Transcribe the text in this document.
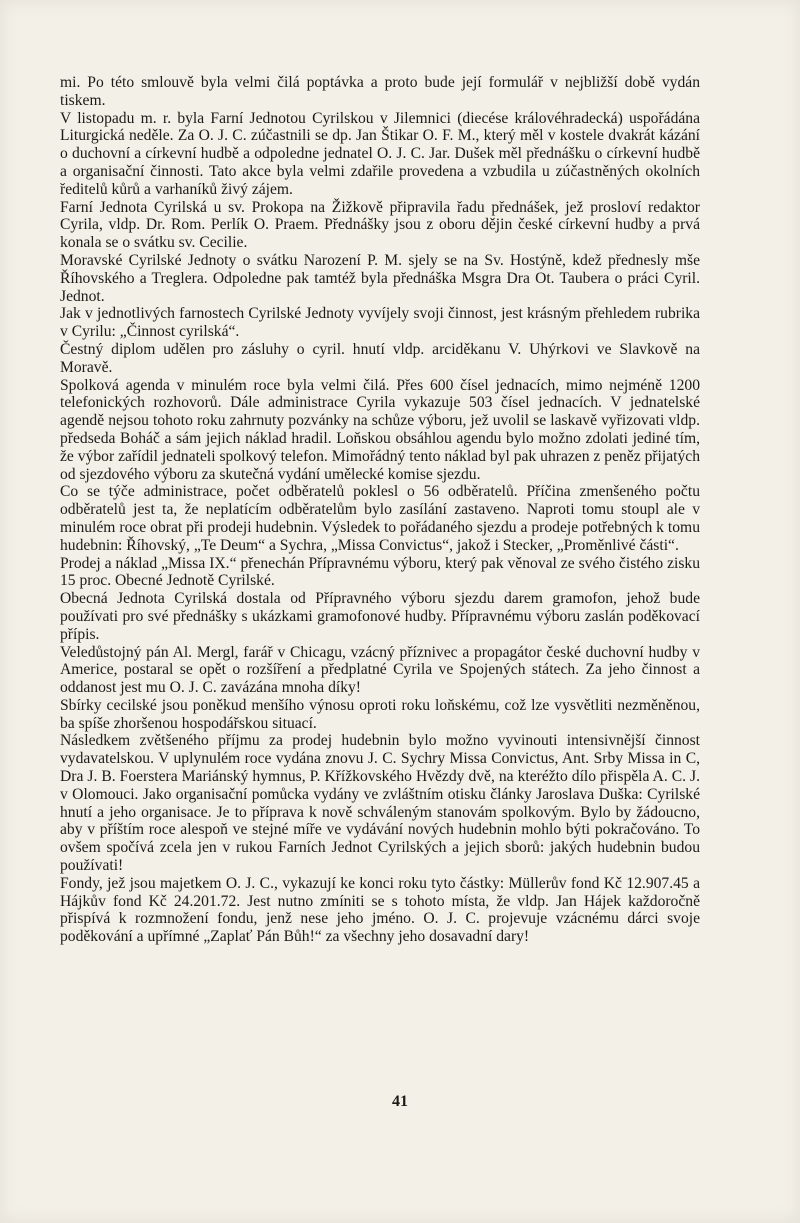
mi. Po této smlouvě byla velmi čilá poptávka a proto bude její formulář v nejbližší době vydán tiskem.

V listopadu m. r. byla Farní Jednotou Cyrilskou v Jilemnici (diecése královéhradecká) uspořádána Liturgická neděle. Za O. J. C. zúčastnili se dp. Jan Štikar O. F. M., který měl v kostele dvakrát kázání o duchovní a církevní hudbě a odpoledne jednatel O. J. C. Jar. Dušek měl přednášku o církevní hudbě a organisační činnosti. Tato akce byla velmi zdařile provedena a vzbudila u zúčastněných okolních ředitelů kůrů a varhaníků živý zájem.

Farní Jednota Cyrilská u sv. Prokopa na Žižkově připravila řadu přednášek, jež prosloví redaktor Cyrila, vldp. Dr. Rom. Perlík O. Praem. Přednášky jsou z oboru dějin české církevní hudby a prvá konala se o svátku sv. Cecilie.

Moravské Cyrilské Jednoty o svátku Narození P. M. sjely se na Sv. Hostýně, kdež přednesly mše Říhovského a Treglera. Odpoledne pak tamtéž byla přednáška Msgra Dra Ot. Taubera o práci Cyril. Jednot.

Jak v jednotlivých farnostech Cyrilské Jednoty vyvíjely svoji činnost, jest krásným přehledem rubrika v Cyrilu: „Činnost cyrilská“.

Čestný diplom udělen pro zásluhy o cyril. hnutí vldp. arciděkanu V. Uhýrkovi ve Slavkově na Moravě.

Spolková agenda v minulém roce byla velmi čilá. Přes 600 čísel jednacích, mimo nejméně 1200 telefonických rozhovorů. Dále administrace Cyrila vykazuje 503 čísel jednacích. V jednatelské agendě nejsou tohoto roku zahrnuty pozvánky na schůze výboru, jež uvolil se laskavě vyřizovati vldp. předseda Boháč a sám jejich náklad hradil. Loňskou obsáhlou agendu bylo možno zdolati jediné tím, že výbor zařídil jednateli spolkový telefon. Mimořádný tento náklad byl pak uhrazen z peněz přijatých od sjezdového výboru za skutečná vydání umělecké komise sjezdu.

Co se týče administrace, počet odběratelů poklesl o 56 odběratelů. Příčina zmenšeného počtu odběratelů jest ta, že neplatícím odběratelům bylo zasílání zastaveno. Naproti tomu stoupl ale v minulém roce obrat při prodeji hudebnin. Výsledek to pořádaného sjezdu a prodeje potřebných k tomu hudebnin: Říhovský, „Te Deum“ a Sychra, „Missa Convictus“, jakož i Stecker, „Proměnlivé části“.

Prodej a náklad „Missa IX.“ přenechán Přípravnému výboru, který pak věnoval ze svého čistého zisku 15 proc. Obecné Jednotě Cyrilské.

Obecná Jednota Cyrilská dostala od Přípravného výboru sjezdu darem gramofon, jehož bude používati pro své přednášky s ukázkami gramofonové hudby. Přípravnému výboru zaslán poděkovací přípis.

Veledůstojný pán Al. Mergl, farář v Chicagu, vzácný příznivec a propagátor české duchovní hudby v Americe, postaral se opět o rozšíření a předplatné Cyrila ve Spojených státech. Za jeho činnost a oddanost jest mu O. J. C. zavázána mnoha díky!

Sbírky cecilské jsou poněkud menšího výnosu oproti roku loňskému, což lze vysvětliti nezměněnou, ba spíše zhoršenou hospodářskou situací.

Následkem zvětšeného příjmu za prodej hudebnin bylo možno vyvinouti intensivnější činnost vydavatelskou. V uplynulém roce vydána znovu J. C. Sychry Missa Convictus, Ant. Srby Missa in C, Dra J. B. Foerstera Mariánský hymnus, P. Křížkovského Hvězdy dvě, na kteréžto dílo přispěla A. C. J. v Olomouci. Jako organisační pomůcka vydány ve zvláštním otisku články Jaroslava Duška: Cyrilské hnutí a jeho organisace. Je to příprava k nově schváleným stanovám spolkovým. Bylo by žádoucno, aby v příštím roce alespoň ve stejné míře ve vydávání nových hudebnin mohlo býti pokračováno. To ovšem spočívá zcela jen v rukou Farních Jednot Cyrilských a jejich sborů: jakých hudebnin budou používati!

Fondy, jež jsou majetkem O. J. C., vykazují ke konci roku tyto částky: Müllerův fond Kč 12.907.45 a Hájkův fond Kč 24.201.72. Jest nutno zmíniti se s tohoto místa, že vldp. Jan Hájek každoročně přispívá k rozmnožení fondu, jenž nese jeho jméno. O. J. C. projevuje vzácnému dárci svoje poděkování a upřímné „Zaplať Pán Bůh!“ za všechny jeho dosavadní dary!

41
